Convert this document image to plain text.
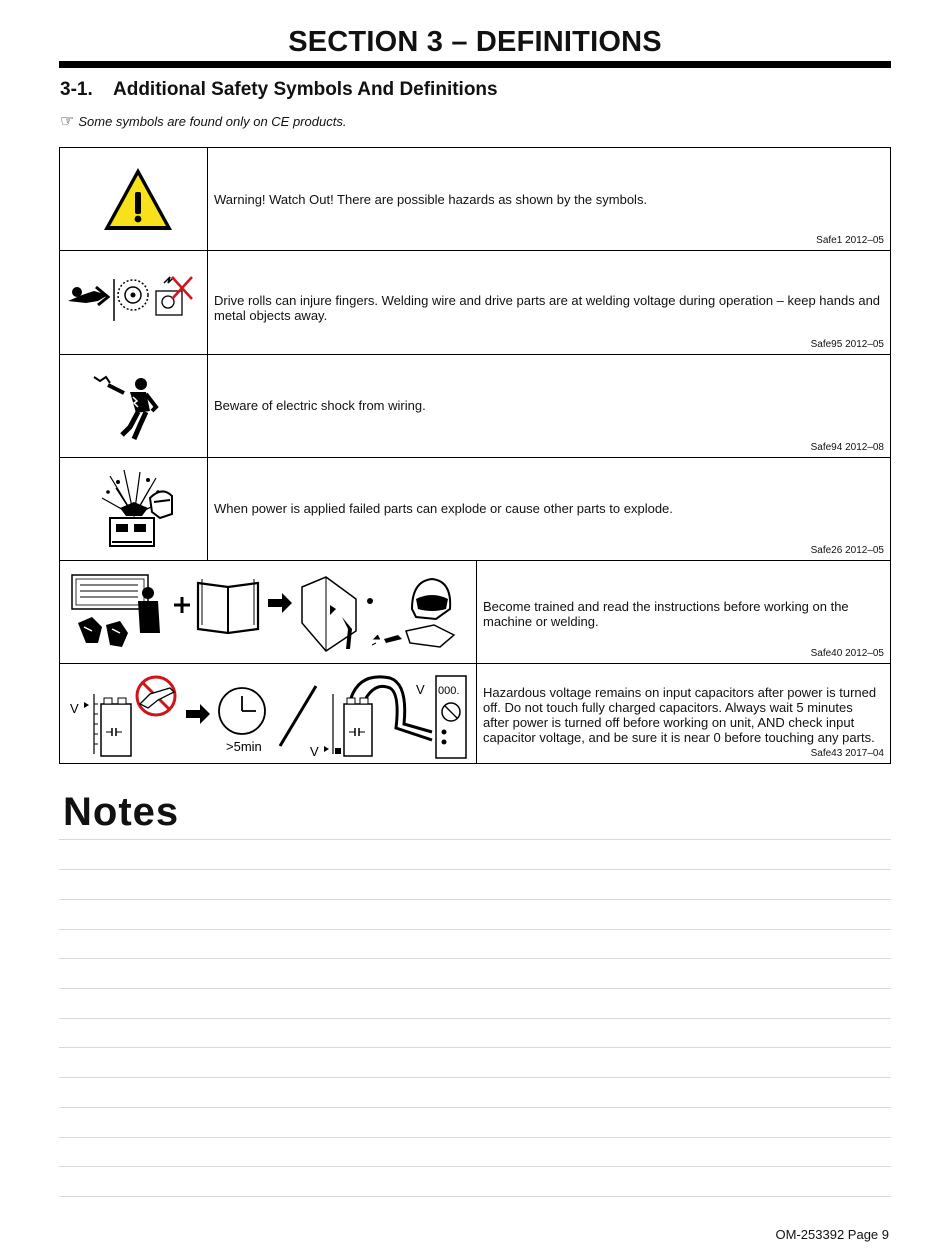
SECTION 3 – DEFINITIONS
3-1. Additional Safety Symbols And Definitions
☞ Some symbols are found only on CE products.
Warning! Watch Out! There are possible hazards as shown by the symbols.
Safe1 2012–05
Drive rolls can injure fingers. Welding wire and drive parts are at welding voltage during operation – keep hands and metal objects away.
Safe95 2012–05
Beware of electric shock from wiring.
Safe94 2012–08
When power is applied failed parts can explode or cause other parts to explode.
Safe26 2012–05
Become trained and read the instructions before working on the machine or welding.
Safe40 2012–05
V
>5min	V
V 000. Hazardous voltage remains on input capacitors after power is turned off. Do not touch fully charged capacitors. Always wait 5 minutes after power is turned off before working on unit, AND check input capacitor voltage, and be sure it is near 0 before touching any parts.
Safe43 2017–04
Notes
OM-253392 Page 9
